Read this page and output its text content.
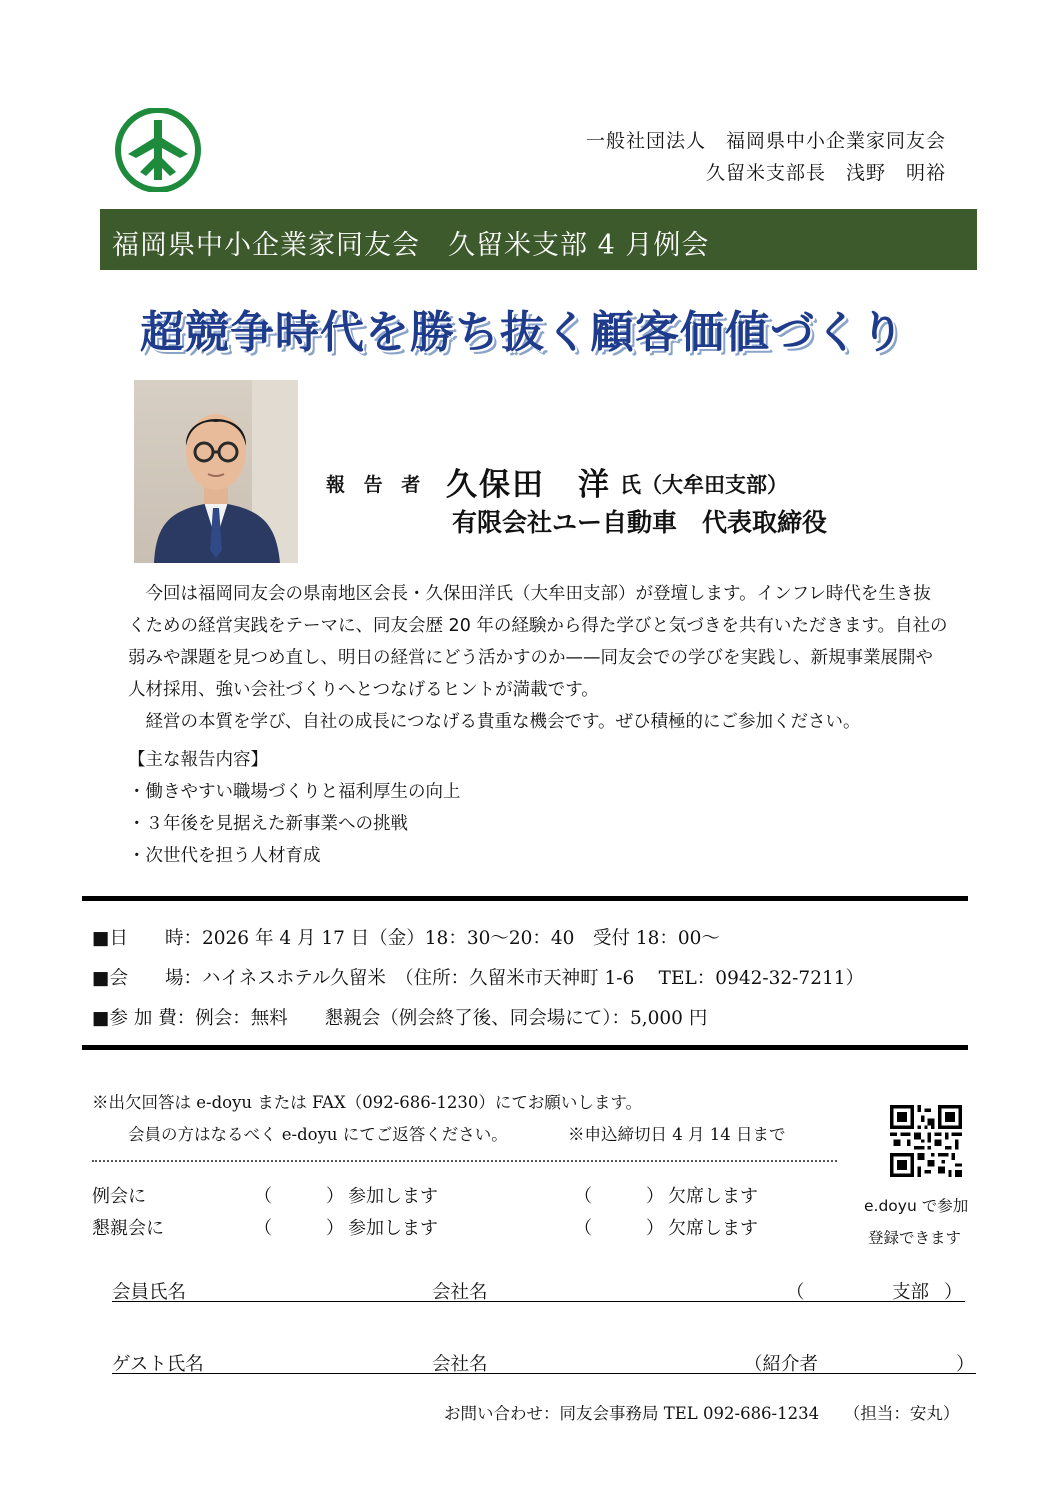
一般社団法人　福岡県中小企業家同友会
久留米支部長　浅野　明裕
福岡県中小企業家同友会　久留米支部 4 月例会
超競争時代を勝ち抜く顧客価値づくり
報 告 者 久保田　洋 氏（大牟田支部）
有限会社ユー自動車　代表取締役
今回は福岡同友会の県南地区会長・久保田洋氏（大牟田支部）が登壇します。インフレ時代を生き抜くための経営実践をテーマに、同友会歴 20 年の経験から得た学びと気づきを共有いただきます。自社の弱みや課題を見つめ直し、明日の経営にどう活かすのか——同友会での学びを実践し、新規事業展開や人材採用、強い会社づくりへとつなげるヒントが満載です。
経営の本質を学び、自社の成長につなげる貴重な機会です。ぜひ積極的にご参加ください。
【主な報告内容】
・働きやすい職場づくりと福利厚生の向上
・３年後を見据えた新事業への挑戦
・次世代を担う人材育成
■日　　時：2026 年 4 月 17 日（金）18：30～20：40　受付 18：00～
■会　　場：ハイネスホテル久留米　（住所：久留米市天神町 1-6　 TEL：0942-32-7211）
■参 加 費：例会：無料　　懇親会（例会終了後、同会場にて）：5,000 円
※出欠回答は e-doyu または FAX（092-686-1230）にてお願いします。
会員の方はなるべく e-doyu にてご返答ください。	※申込締切日 4 月 14 日まで
e.doyu で参加
登録できます
例会に	（	） 参加します	（	） 欠席します
懇親会に	（	） 参加します	（	） 欠席します
会員氏名	会社名	（	支部 ）
ゲスト氏名	会社名	（紹介者	）
お問い合わせ：同友会事務局 TEL 092-686-1234　　（担当：安丸）
